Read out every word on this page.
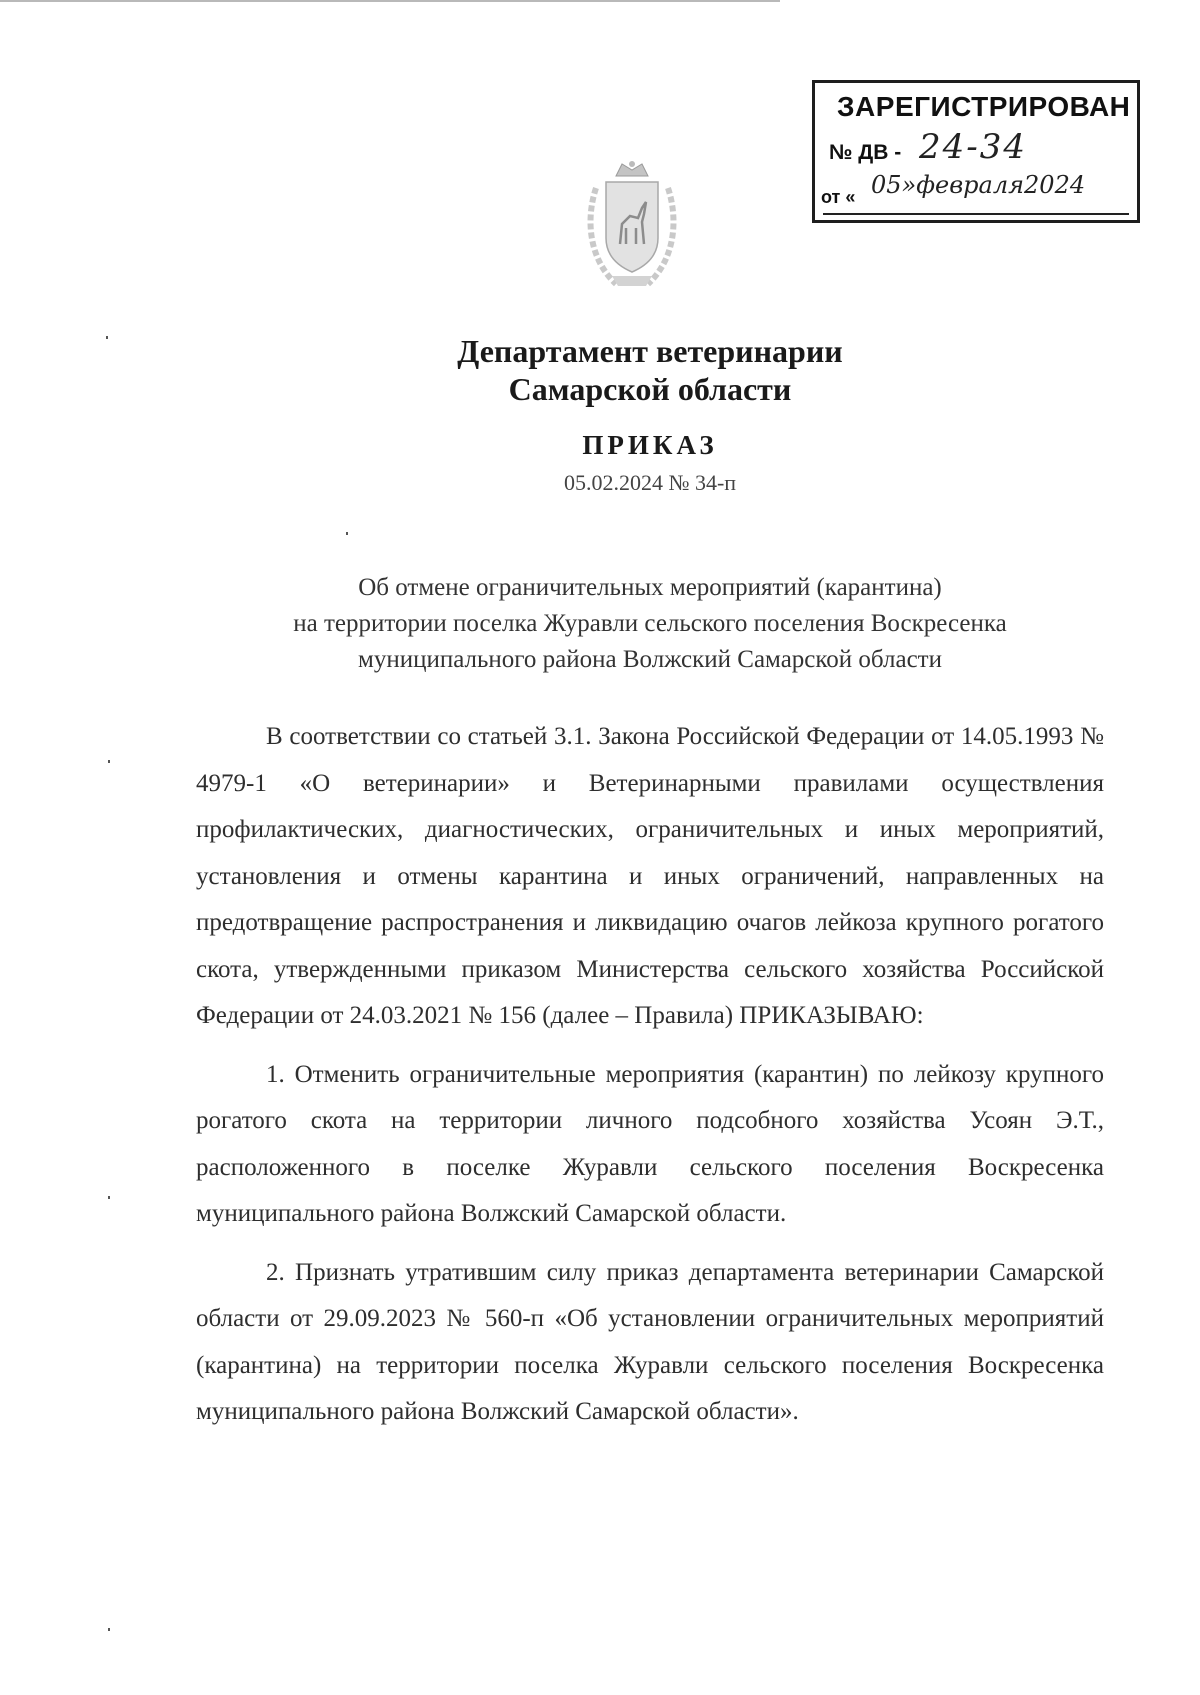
ЗАРЕГИСТРИРОВАН
№ ДВ - 24-34
от « 05»февраля2024
Департамент ветеринарии
Самарской области
ПРИКАЗ
05.02.2024 № 34-п
Об отмене ограничительных мероприятий (карантина)
на территории поселка Журавли сельского поселения Воскресенка
муниципального района Волжский Самарской области

В соответствии со статьей 3.1. Закона Российской Федерации от 14.05.1993 № 4979-1 «О ветеринарии» и Ветеринарными правилами осуществления профилактических, диагностических, ограничительных и иных мероприятий, установления и отмены карантина и иных ограничений, направленных на предотвращение распространения и ликвидацию очагов лейкоза крупного рогатого скота, утвержденными приказом Министерства сельского хозяйства Российской Федерации от 24.03.2021 № 156 (далее – Правила) ПРИКАЗЫВАЮ:

1. Отменить ограничительные мероприятия (карантин) по лейкозу крупного рогатого скота на территории личного подсобного хозяйства Усоян Э.Т., расположенного в поселке Журавли сельского поселения Воскресенка муниципального района Волжский Самарской области.

2. Признать утратившим силу приказ департамента ветеринарии Самарской области от 29.09.2023 № 560-п «Об установлении ограничительных мероприятий (карантина) на территории поселка Журавли сельского поселения Воскресенка муниципального района Волжский Самарской области».
